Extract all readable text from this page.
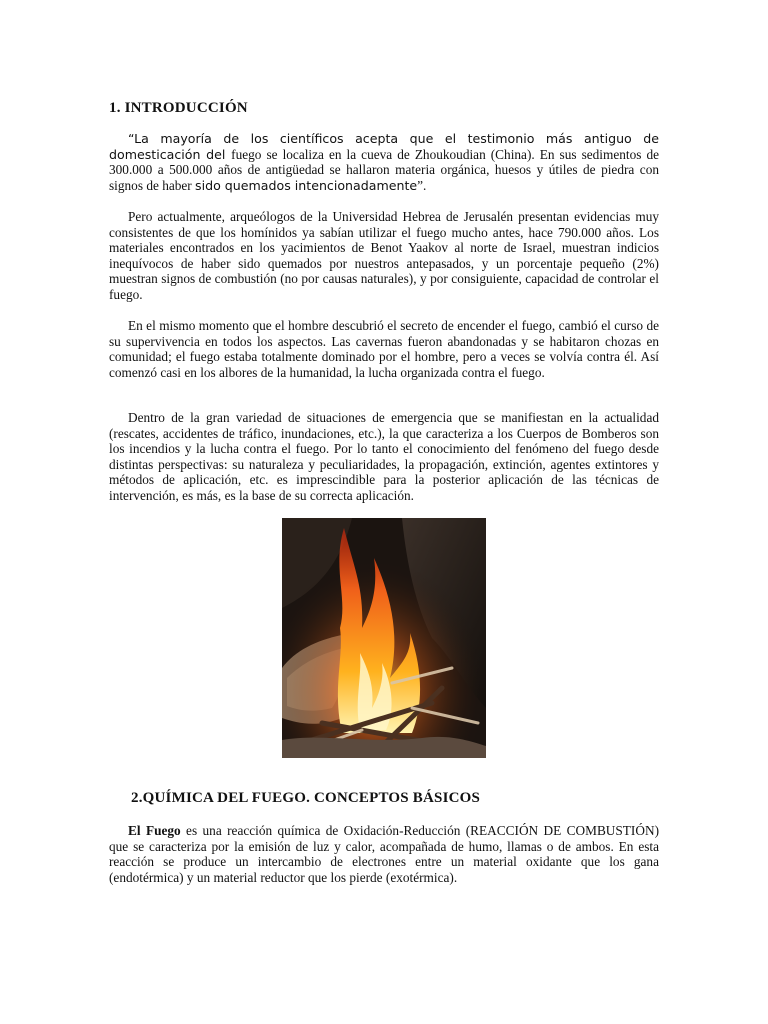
1. INTRODUCCIÓN

“La mayoría de los científicos acepta que el testimonio más antiguo de domesticación del fuego se localiza en la cueva de Zhoukoudian (China). En sus sedimentos de 300.000 a 500.000 años de antigüedad se hallaron materia orgánica, huesos y útiles de piedra con signos de haber sido quemados intencionadamente”.

Pero actualmente, arqueólogos de la Universidad Hebrea de Jerusalén presentan evidencias muy consistentes de que los homínidos ya sabían utilizar el fuego mucho antes, hace 790.000 años. Los materiales encontrados en los yacimientos de Benot Yaakov al norte de Israel, muestran indicios inequívocos de haber sido quemados por nuestros antepasados, y un porcentaje pequeño (2%) muestran signos de combustión (no por causas naturales), y por consiguiente, capacidad de controlar el fuego.

En el mismo momento que el hombre descubrió el secreto de encender el fuego, cambió el curso de su supervivencia en todos los aspectos. Las cavernas fueron abandonadas y se habitaron chozas en comunidad; el fuego estaba totalmente dominado por el hombre, pero a veces se volvía contra él. Así comenzó casi en los albores de la humanidad, la lucha organizada contra el fuego.

Dentro de la gran variedad de situaciones de emergencia que se manifiestan en la actualidad (rescates, accidentes de tráfico, inundaciones, etc.), la que caracteriza a los Cuerpos de Bomberos son los incendios y la lucha contra el fuego. Por lo tanto el conocimiento del fenómeno del fuego desde distintas perspectivas: su naturaleza y peculiaridades, la propagación, extinción, agentes extintores y métodos de aplicación, etc. es imprescindible para la posterior aplicación de las técnicas de intervención, es más, es la base de su correcta aplicación.

2.QUÍMICA DEL FUEGO. CONCEPTOS BÁSICOS

El Fuego es una reacción química de Oxidación-Reducción (REACCIÓN DE COMBUSTIÓN) que se caracteriza por la emisión de luz y calor, acompañada de humo, llamas o de ambos. En esta reacción se produce un intercambio de electrones entre un material oxidante que los gana (endotérmica) y un material reductor que los pierde (exotérmica).
